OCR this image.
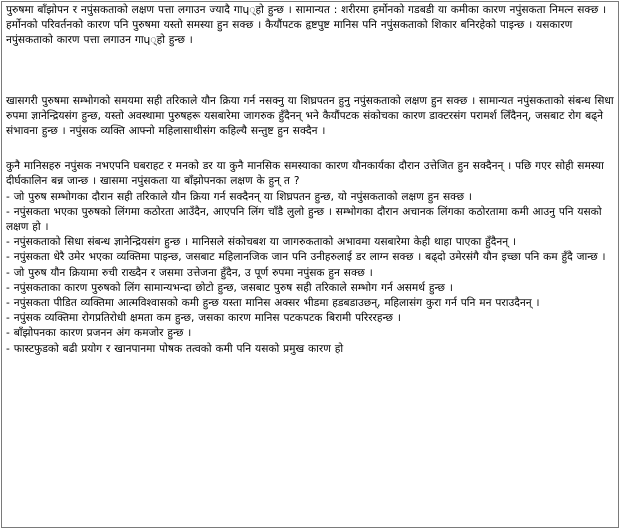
पुरुषमा बाँझोपन र नपुंसकताको लक्षण पत्ता लगाउन ज्यादै गाɥ्हो हुन्छ । सामान्यत : शरीरमा हर्मोनको गडबडी या कमीका कारण नपुंसकता निमत्न सक्छ । हर्मोनको परिवर्तनको कारण पनि पुरुषमा यस्तो समस्या हुन सक्छ । कैयौंपटक हृष्टपुष्ट मानिस पनि नपुंसकताको शिकार बनिरहेको पाइन्छ । यसकारण नपुंसकताको कारण पत्ता लगाउन गाɥ्हो हुन्छ ।

खासगरी पुरुषमा सम्भोगको समयमा सही तरिकाले यौन क्रिया गर्न नसक्नु या शिघ्रपतन हुनु नपुंसकताको लक्षण हुन सक्छ । सामान्यत नपुंसकताको संबन्ध सिधा रुपमा ज्ञानेन्द्रियसंग हुन्छ, यस्तो अवस्थामा पुरुषहरू यसबारेमा जागरुक हुँदैनन् भने कैयौंपटक संकोचका कारण डाक्टरसंग परामर्श लिँदैनन्, जसबाट रोग बढ्ने संभावना हुन्छ । नपुंसक व्यक्ति आफ्नो महिलासाथीसंग कहिल्यै सन्तुष्ट हुन सक्दैन ।

कुनै मानिसहरु नपुंसक नभएपनि घबराहट र मनको डर या कुनै मानसिक समस्याका कारण यौनकार्यका दौरान उत्तेजित हुन सक्दैनन् । पछि गएर सोही समस्या दीर्घकालिन बन्न जान्छ । खासमा नपुंसकता या बाँझोपनका लक्षण के हुन् त ?

- जो पुरुष सम्भोगका दौरान सही तरिकाले यौन क्रिया गर्न सक्दैनन् या शिघ्रपतन हुन्छ, यो नपुंसकताको लक्षण हुन सक्छ ।

- नपुंसकता भएका पुरुषको लिंगमा कठोरता आउँदैन, आएपनि लिंग चाँडै लुलो हुन्छ । सम्भोगका दौरान अचानक लिंगका कठोरतामा कमी आउनु पनि यसको लक्षण हो ।

- नपुंसकताको सिधा संबन्ध ज्ञानेन्द्रियसंग हुन्छ । मानिसले संकोचबश या जागरुकताको अभावमा यसबारेमा केही थाहा पाएका हुँदैनन् ।

- नपुंसकता धेरै उमेर भएका व्यक्तिमा पाइन्छ, जसबाट महिलानजिक जान पनि उनीहरुलाई डर लाग्न सक्छ । बढ्दो उमेरसंगै यौन इच्छा पनि कम हुँदै जान्छ ।

- जो पुरुष यौन क्रियामा रुची राख्दैन र जसमा उत्तेजना हुँदैन, उ पूर्ण रुपमा नपुंसक हुन सक्छ ।

- नपुंसकताका कारण पुरुषको लिंग सामान्यभन्दा छोटो हुन्छ, जसबाट पुरुष सही तरिकाले सम्भोग गर्न असमर्थ हुन्छ ।

- नपुंसकता पीडित व्यक्तिमा आत्मविश्वासको कमी हुन्छ यस्ता मानिस अक्सर भीडमा हडबडाउछन्, महिलासंग कुरा गर्न पनि मन पराउदैनन् ।

- नपुंसक व्यक्तिमा रोगप्रतिरोधी क्षमता कम हुन्छ, जसका कारण मानिस पटकपटक बिरामी परिररहन्छ ।

- बाँझोपनका कारण प्रजनन अंग कमजोर हुन्छ ।

- फास्टफुडको बढी प्रयोग र खानपानमा पोषक तत्वको कमी पनि यसको प्रमुख कारण हो
